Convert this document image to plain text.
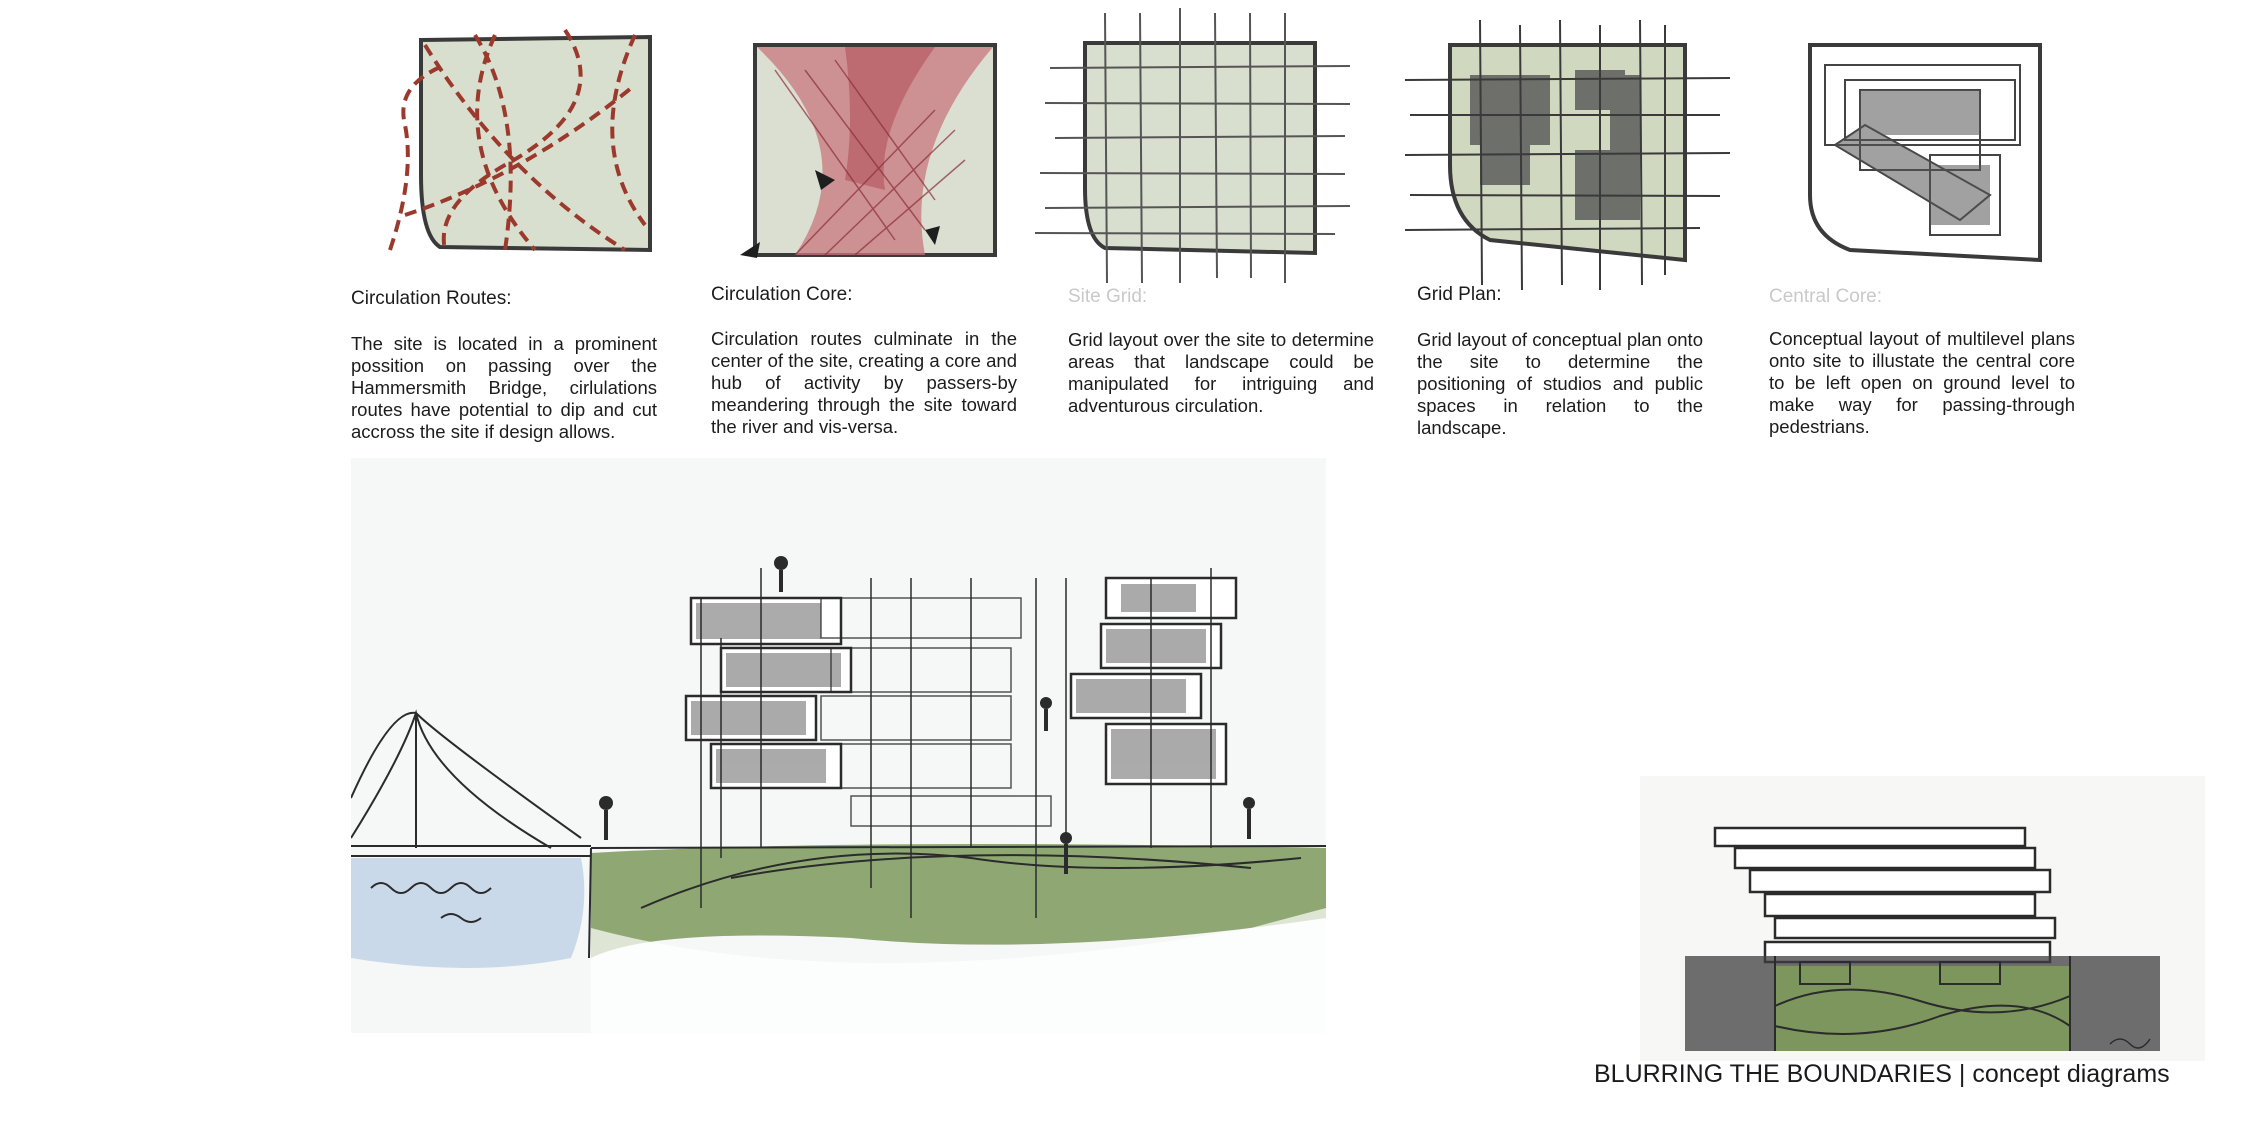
Circulation Routes:
The site is located in a prominent possition on passing over the Hammersmith Bridge, cirlulations routes have potential to dip and cut accross the site if design allows.
Circulation Core:
Circulation routes culminate in the center of the site, creating a core and hub of activity by passers-by meandering through the site toward the river and vis-versa.
Site Grid:
Grid layout over the site to determine areas that landscape could be manipulated for intriguing and adventurous circulation.
Grid Plan:
Grid layout of conceptual plan onto the site to determine the positioning of studios and public spaces in relation to the landscape.
Central Core:
Conceptual layout of multilevel plans onto site to illustate the central core to be left open on ground level to make way for passing-through pedestrians.
BLURRING THE BOUNDARIES | concept diagrams
